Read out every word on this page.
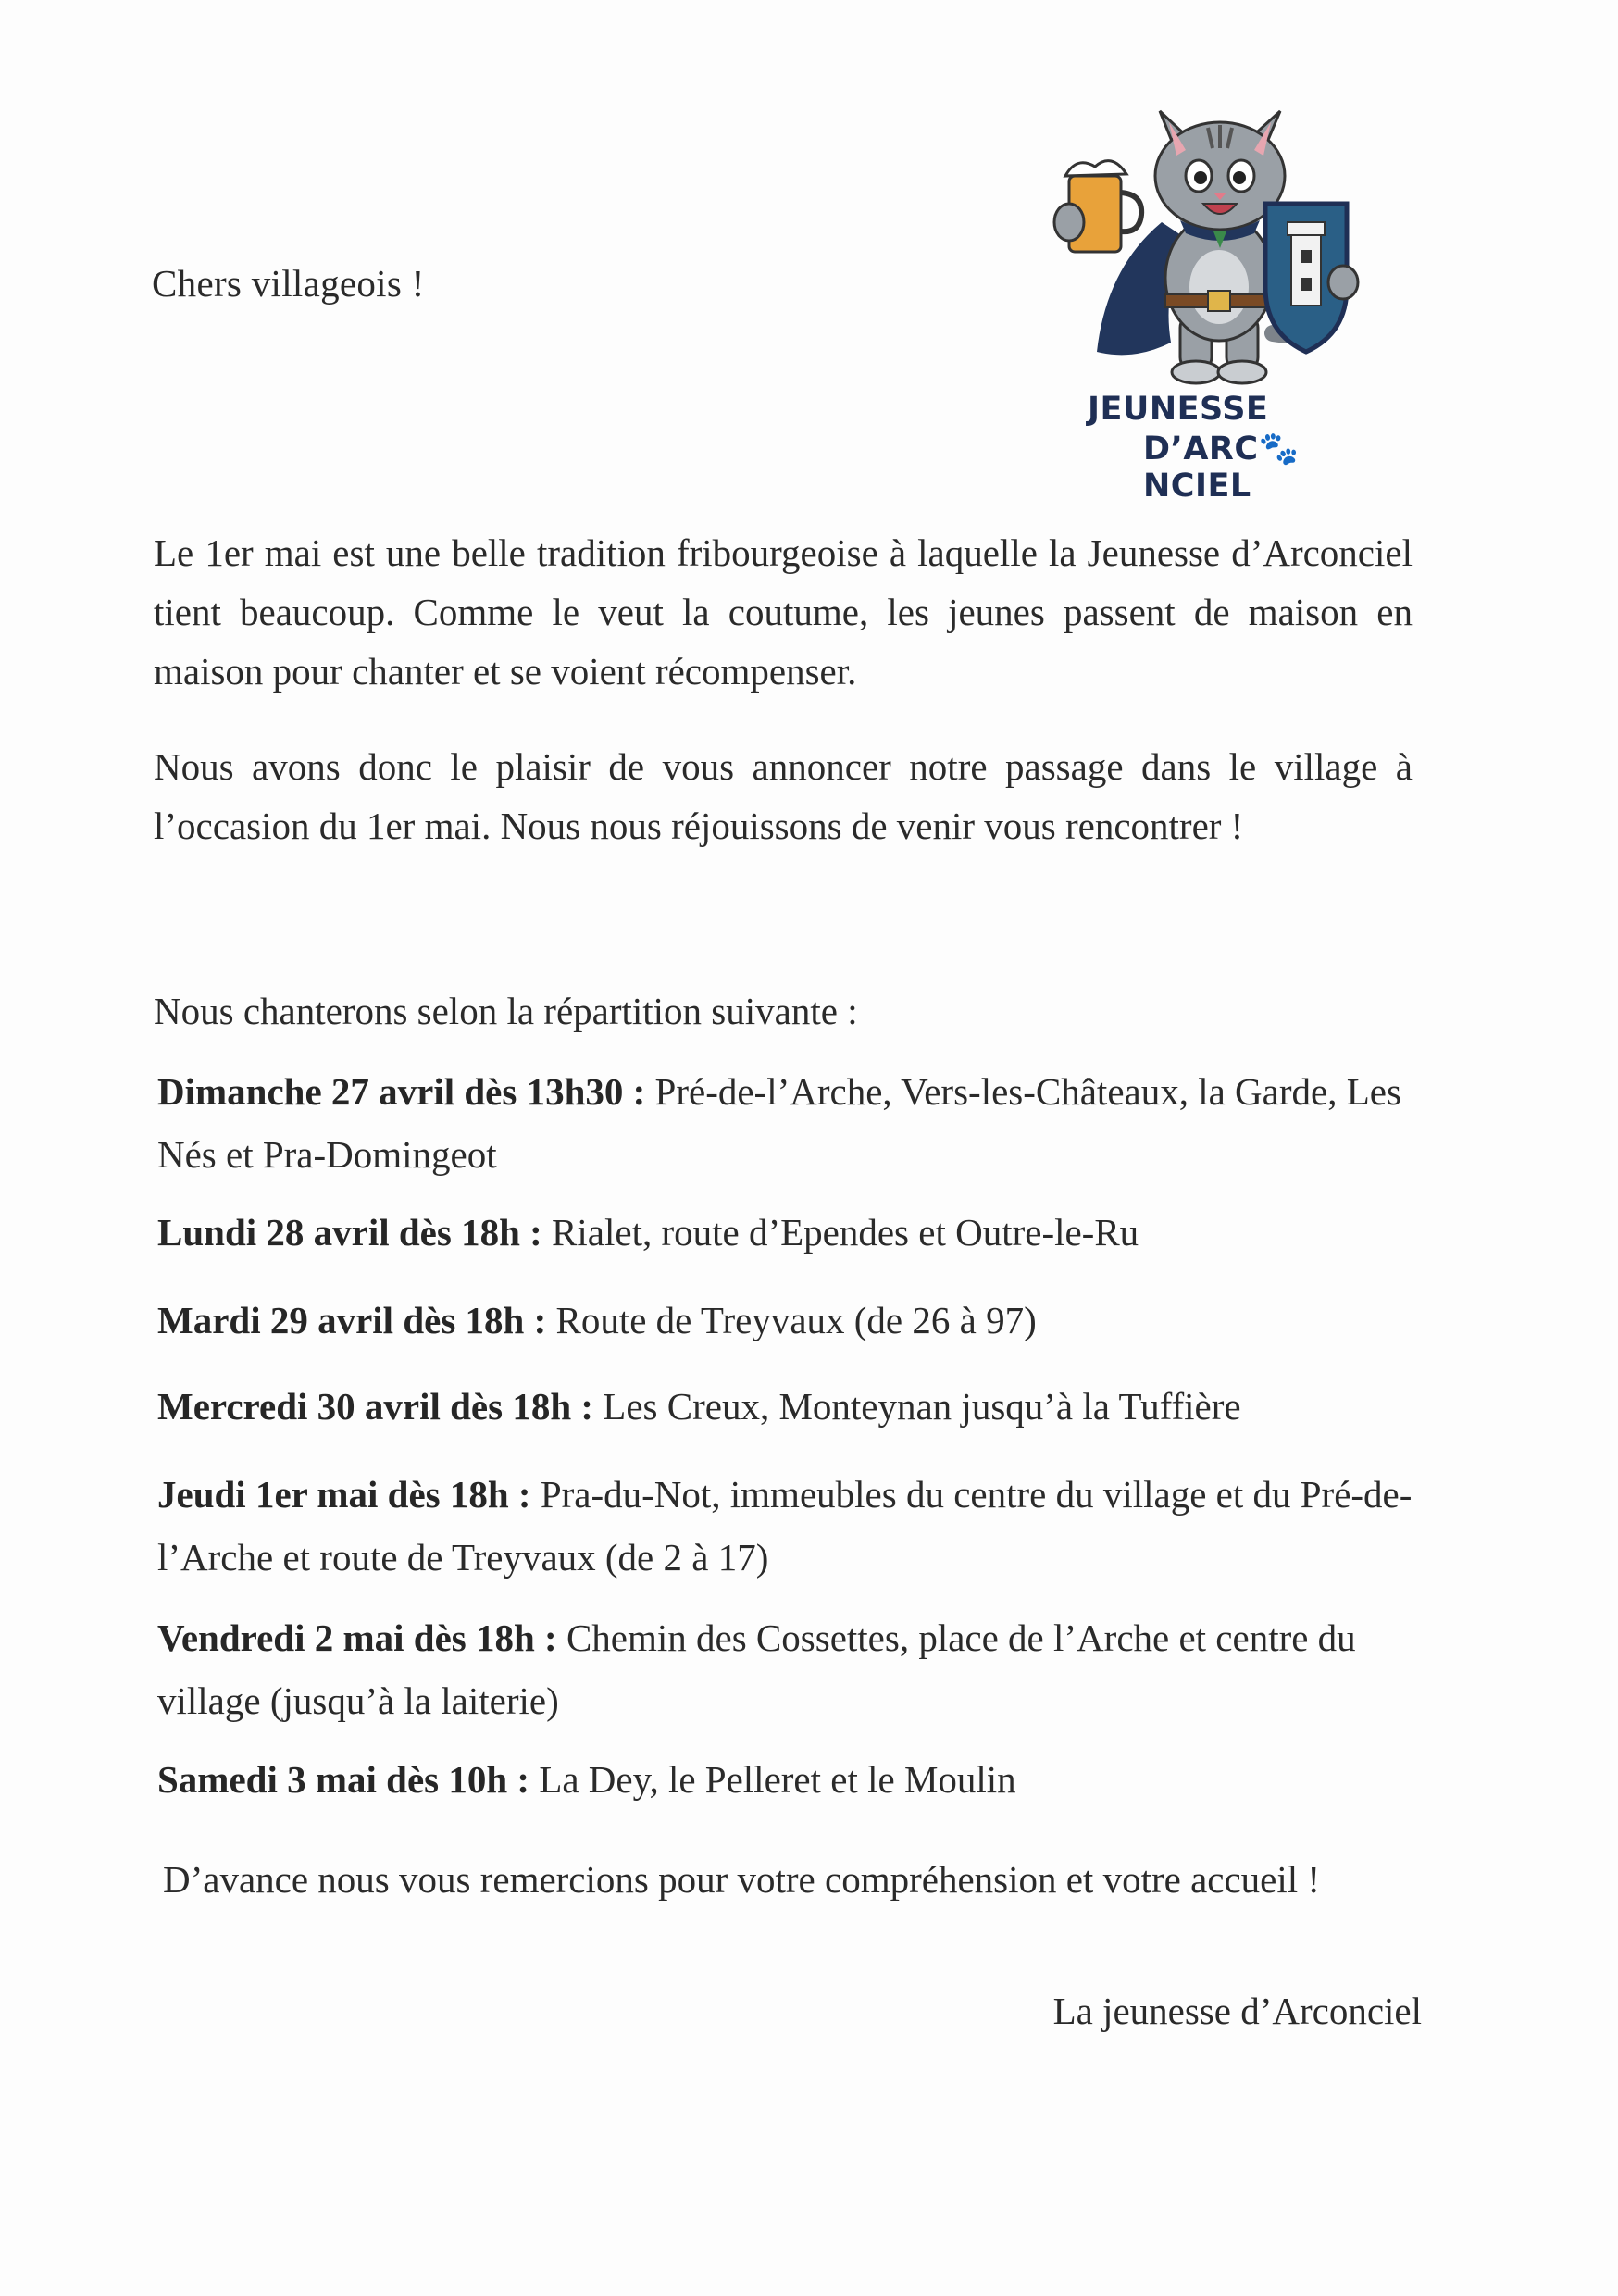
Chers villageois !
JEUNESSE
D’ARC🐾NCIEL

Le 1er mai est une belle tradition fribourgeoise à laquelle la Jeunesse d’Arconciel tient beaucoup. Comme le veut la coutume, les jeunes passent de maison en maison pour chanter et se voient récompenser.

Nous avons donc le plaisir de vous annoncer notre passage dans le village à l’occasion du 1er mai. Nous nous réjouissons de venir vous rencontrer !

Nous chanterons selon la répartition suivante :

Dimanche 27 avril dès 13h30 : Pré-de-l’Arche, Vers-les-Châteaux, la Garde, Les Nés et Pra-Domingeot
Lundi 28 avril dès 18h : Rialet, route d’Ependes et Outre-le-Ru
Mardi 29 avril dès 18h : Route de Treyvaux (de 26 à 97)
Mercredi 30 avril dès 18h : Les Creux, Monteynan jusqu’à la Tuffière
Jeudi 1er mai dès 18h : Pra-du-Not, immeubles du centre du village et du Pré-de-l’Arche et route de Treyvaux (de 2 à 17)
Vendredi 2 mai dès 18h : Chemin des Cossettes, place de l’Arche et centre du village (jusqu’à la laiterie)
Samedi 3 mai dès 10h : La Dey, le Pelleret et le Moulin

D’avance nous vous remercions pour votre compréhension et votre accueil !

La jeunesse d’Arconciel
